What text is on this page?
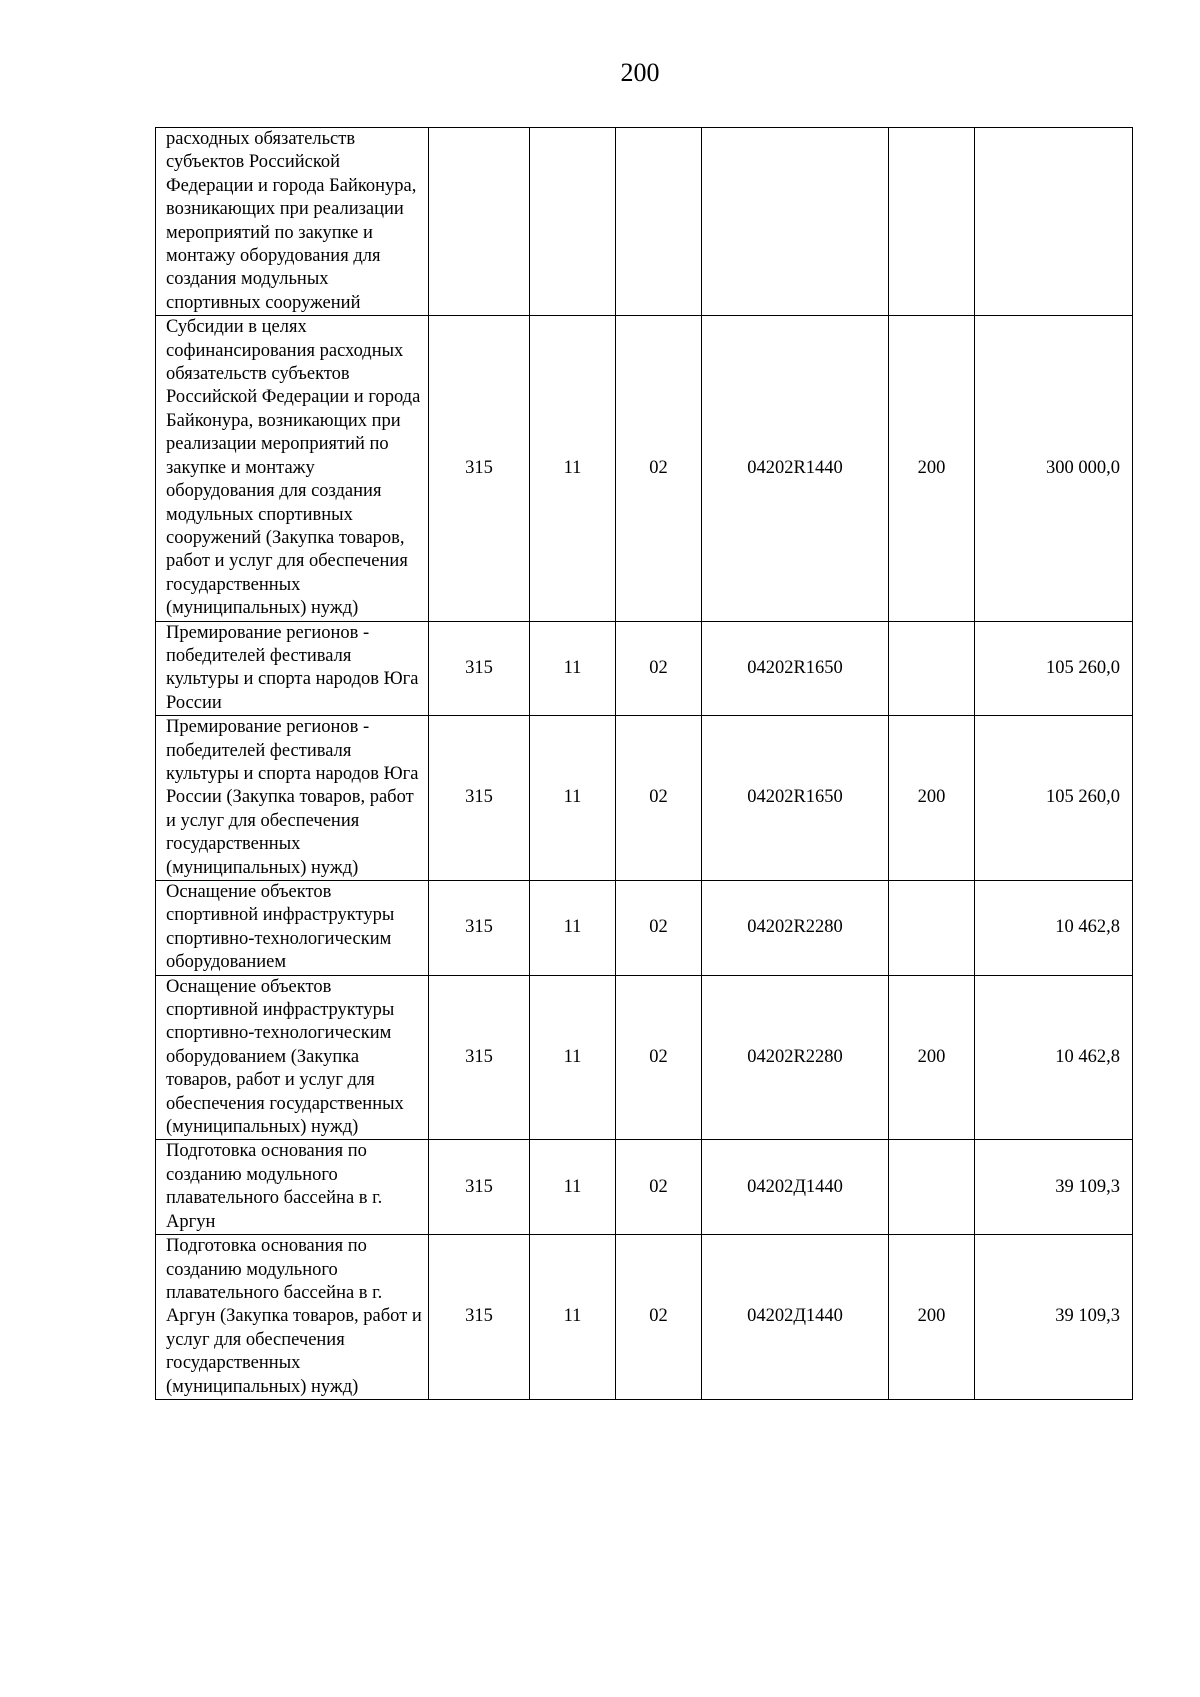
200
расходных обязательств субъектов Российской Федерации и города Байконура, возникающих при реализации мероприятий по закупке и монтажу оборудования для создания модульных спортивных сооружений						
Субсидии в целях софинансирования расходных обязательств субъектов Российской Федерации и города Байконура, возникающих при реализации мероприятий по закупке и монтажу оборудования для создания модульных спортивных сооружений (Закупка товаров, работ и услуг для обеспечения государственных (муниципальных) нужд)	315	11	02	04202R1440	200	300 000,0
Премирование регионов - победителей фестиваля культуры и спорта народов Юга России	315	11	02	04202R1650		105 260,0
Премирование регионов - победителей фестиваля культуры и спорта народов Юга России (Закупка товаров, работ и услуг для обеспечения государственных (муниципальных) нужд)	315	11	02	04202R1650	200	105 260,0
Оснащение объектов спортивной инфраструктуры спортивно-технологическим оборудованием	315	11	02	04202R2280		10 462,8
Оснащение объектов спортивной инфраструктуры спортивно-технологическим оборудованием (Закупка товаров, работ и услуг для обеспечения государственных (муниципальных) нужд)	315	11	02	04202R2280	200	10 462,8
Подготовка основания по созданию модульного плавательного бассейна в г. Аргун	315	11	02	04202Д1440		39 109,3
Подготовка основания по созданию модульного плавательного бассейна в г. Аргун (Закупка товаров, работ и услуг для обеспечения государственных (муниципальных) нужд)	315	11	02	04202Д1440	200	39 109,3
